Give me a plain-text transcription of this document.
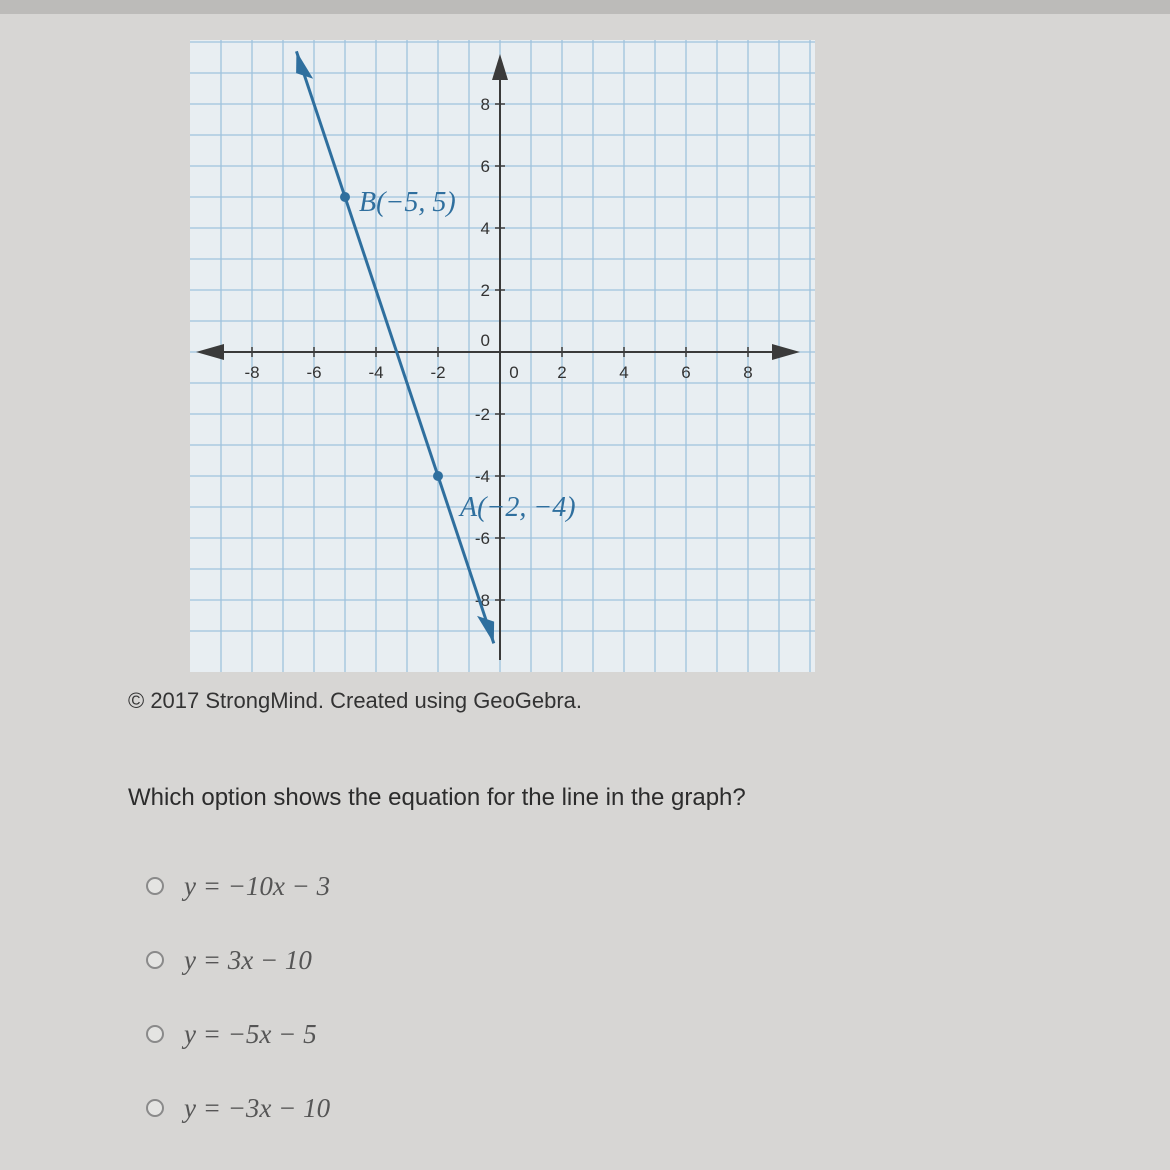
-8	-6	-4	-2	0 2	4	6	8
8
6
4
2
0
-2
-4
-6
-8
B(−5, 5)
A(−2, −4)
© 2017 StrongMind. Created using GeoGebra.
Which option shows the equation for the line in the graph?
y = −10x − 3
y = 3x − 10
y = −5x − 5
y = −3x − 10
